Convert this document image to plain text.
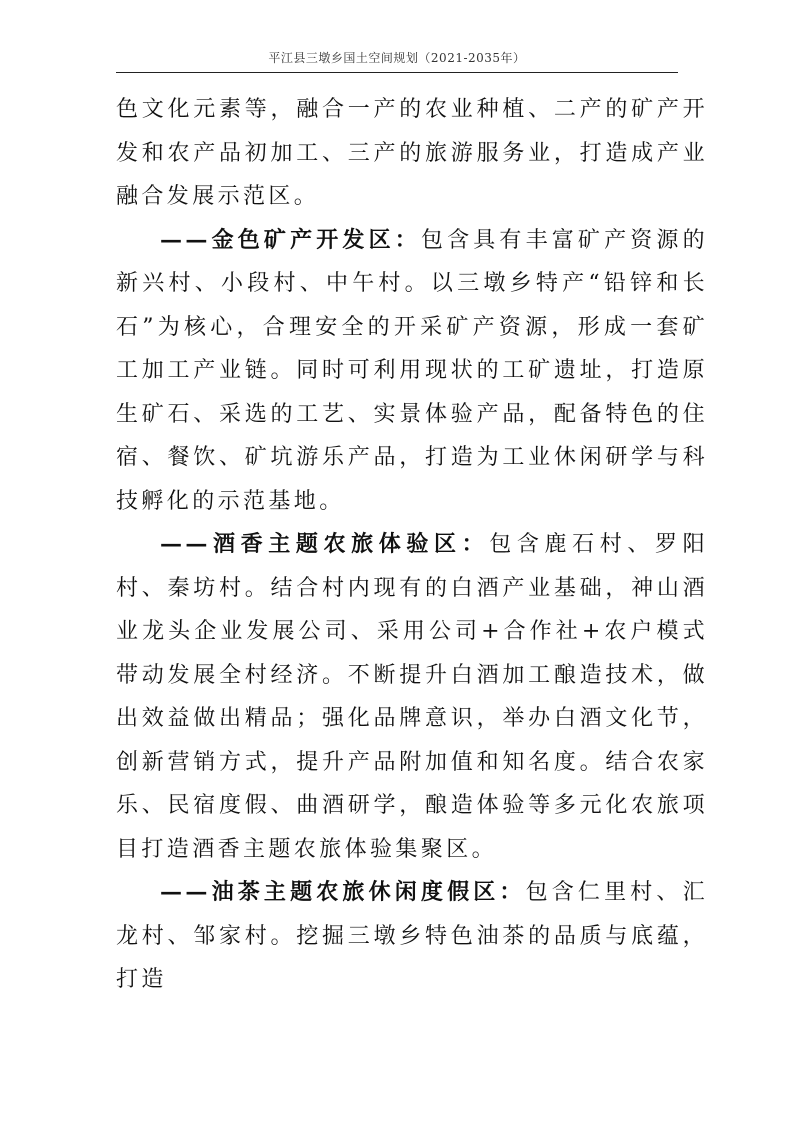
平江县三墩乡国土空间规划（2021-2035年）

色文化元素等，融合一产的农业种植、二产的矿产开发和农产品初加工、三产的旅游服务业，打造成产业融合发展示范区。

——金色矿产开发区：包含具有丰富矿产资源的新兴村、小段村、中午村。以三墩乡特产“铅锌和长石”为核心，合理安全的开采矿产资源，形成一套矿工加工产业链。同时可利用现状的工矿遗址，打造原生矿石、采选的工艺、实景体验产品，配备特色的住宿、餐饮、矿坑游乐产品，打造为工业休闲研学与科技孵化的示范基地。

——酒香主题农旅体验区：包含鹿石村、罗阳村、秦坊村。结合村内现有的白酒产业基础，神山酒业龙头企业发展公司、采用公司+合作社+农户模式带动发展全村经济。不断提升白酒加工酿造技术，做出效益做出精品；强化品牌意识，举办白酒文化节，创新营销方式，提升产品附加值和知名度。结合农家乐、民宿度假、曲酒研学，酿造体验等多元化农旅项目打造酒香主题农旅体验集聚区。

——油茶主题农旅休闲度假区：包含仁里村、汇龙村、邹家村。挖掘三墩乡特色油茶的品质与底蕴，打造
